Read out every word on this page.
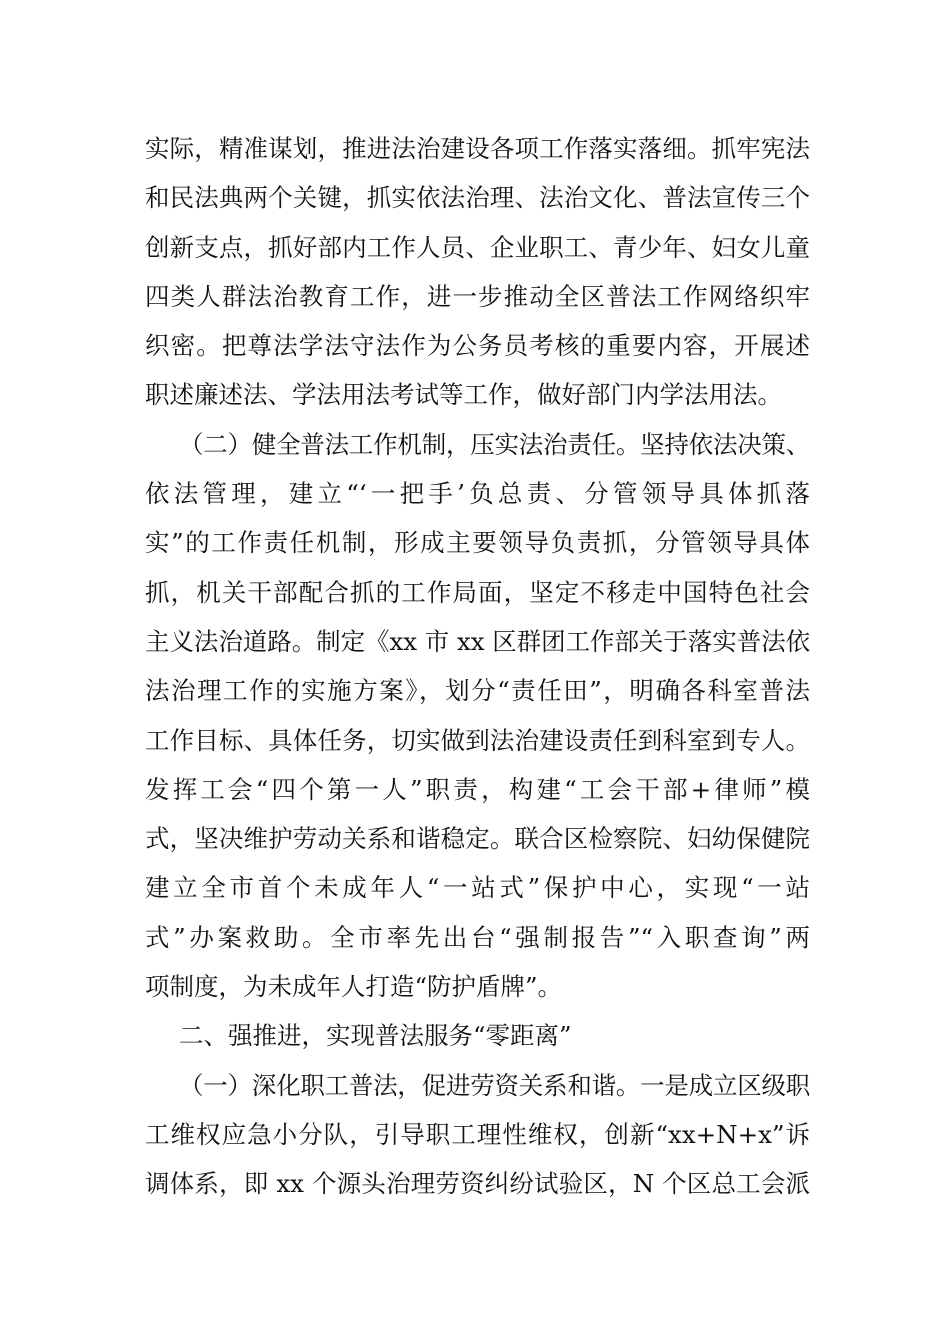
实际，精准谋划，推进法治建设各项工作落实落细。抓牢宪法
和民法典两个关键，抓实依法治理、法治文化、普法宣传三个
创新支点，抓好部内工作人员、企业职工、青少年、妇女儿童
四类人群法治教育工作，进一步推动全区普法工作网络织牢
织密。把尊法学法守法作为公务员考核的重要内容，开展述
职述廉述法、学法用法考试等工作，做好部门内学法用法。
（二）健全普法工作机制，压实法治责任。坚持依法决策、
依法管理，建立“‘一把手’负总责、分管领导具体抓落
实”的工作责任机制，形成主要领导负责抓，分管领导具体
抓，机关干部配合抓的工作局面，坚定不移走中国特色社会
主义法治道路。制定《xx 市 xx 区群团工作部关于落实普法依
法治理工作的实施方案》，划分“责任田”，明确各科室普法
工作目标、具体任务，切实做到法治建设责任到科室到专人。
发挥工会“四个第一人”职责，构建“工会干部+律师”模
式，坚决维护劳动关系和谐稳定。联合区检察院、妇幼保健院
建立全市首个未成年人“一站式”保护中心，实现“一站
式”办案救助。全市率先出台“强制报告”“入职查询”两
项制度，为未成年人打造“防护盾牌”。
二、强推进，实现普法服务“零距离”
（一）深化职工普法，促进劳资关系和谐。一是成立区级职
工维权应急小分队，引导职工理性维权，创新“xx+N+x”诉
调体系，即 xx 个源头治理劳资纠纷试验区，N 个区总工会派
